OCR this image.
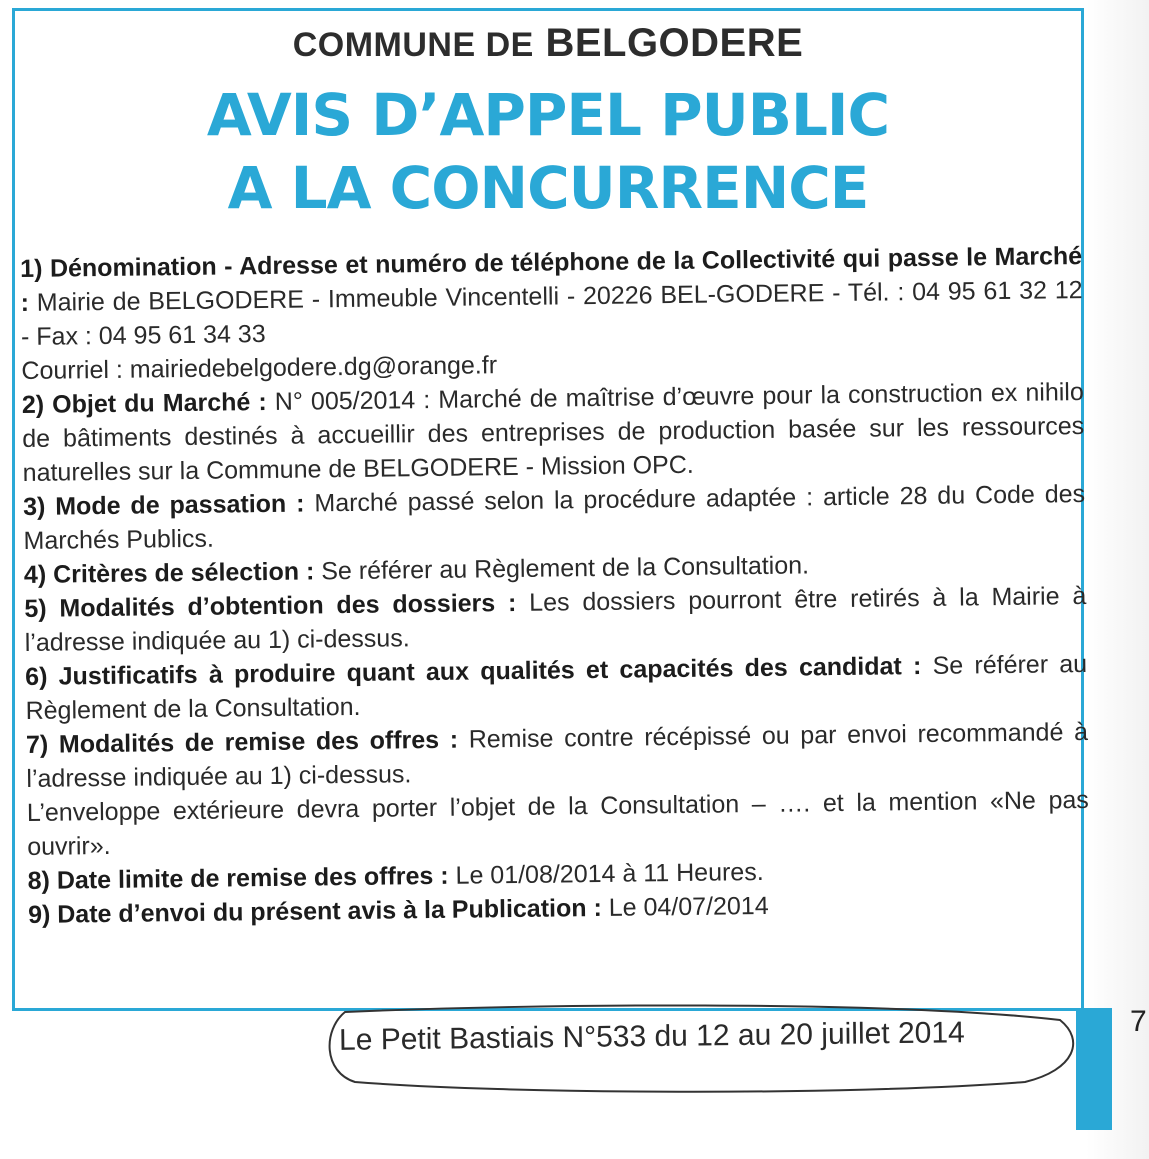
COMMUNE DE BELGODERE
AVIS D’APPEL PUBLIC
A LA CONCURRENCE

1) Dénomination - Adresse et numéro de téléphone de la Collectivité qui passe le Marché : Mairie de BELGODERE - Immeuble Vincentelli - 20226 BEL-GODERE - Tél. : 04 95 61 32 12 - Fax : 04 95 61 34 33

Courriel : mairiedebelgodere.dg@orange.fr

2) Objet du Marché : N° 005/2014 : Marché de maîtrise d’œuvre pour la construction ex nihilo de bâtiments destinés à accueillir des entreprises de production basée sur les ressources naturelles sur la Commune de BELGODERE - Mission OPC.

3) Mode de passation : Marché passé selon la procédure adaptée : article 28 du Code des Marchés Publics.

4) Critères de sélection : Se référer au Règlement de la Consultation.

5) Modalités d’obtention des dossiers : Les dossiers pourront être retirés à la Mairie à l’adresse indiquée au 1) ci-dessus.

6) Justificatifs à produire quant aux qualités et capacités des candidat : Se référer au Règlement de la Consultation.

7) Modalités de remise des offres : Remise contre récépissé ou par envoi recommandé à l’adresse indiquée au 1) ci-dessus.

L’enveloppe extérieure devra porter l’objet de la Consultation – …. et la mention «Ne pas ouvrir».

8) Date limite de remise des offres : Le 01/08/2014 à 11 Heures.

9) Date d’envoi du présent avis à la Publication : Le 04/07/2014

Le Petit Bastiais N°533 du 12 au 20 juillet 2014	7
